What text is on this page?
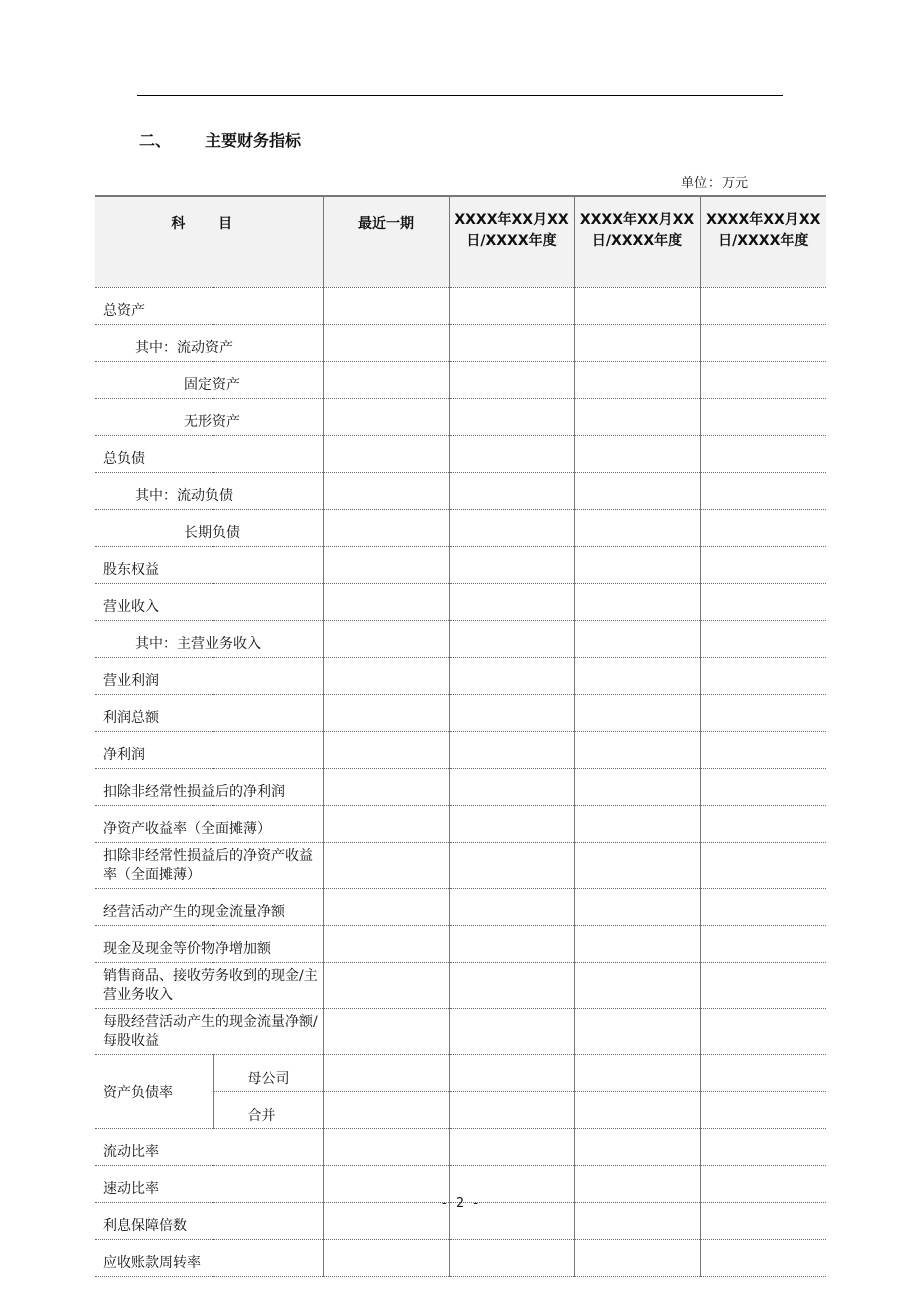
二、 主要财务指标
单位：万元
科 目		最近一期	XXXX年XX月XX日/XXXX年度	XXXX年XX月XX日/XXXX年度	XXXX年XX月XX日/XXXX年度
总资产					
其中：流动资产					
固定资产					
无形资产					
总负债					
其中：流动负债					
长期负债					
股东权益					
营业收入					
其中：主营业务收入					
营业利润					
利润总额					
净利润					
扣除非经常性损益后的净利润					
净资产收益率（全面摊薄）					
扣除非经常性损益后的净资产收益率（全面摊薄）					
经营活动产生的现金流量净额					
现金及现金等价物净增加额					
销售商品、接收劳务收到的现金/主营业务收入					
每股经营活动产生的现金流量净额/每股收益					
资产负债率	母公司				
	合并				
流动比率					
速动比率					
利息保障倍数					
应收账款周转率					
- 2 -
